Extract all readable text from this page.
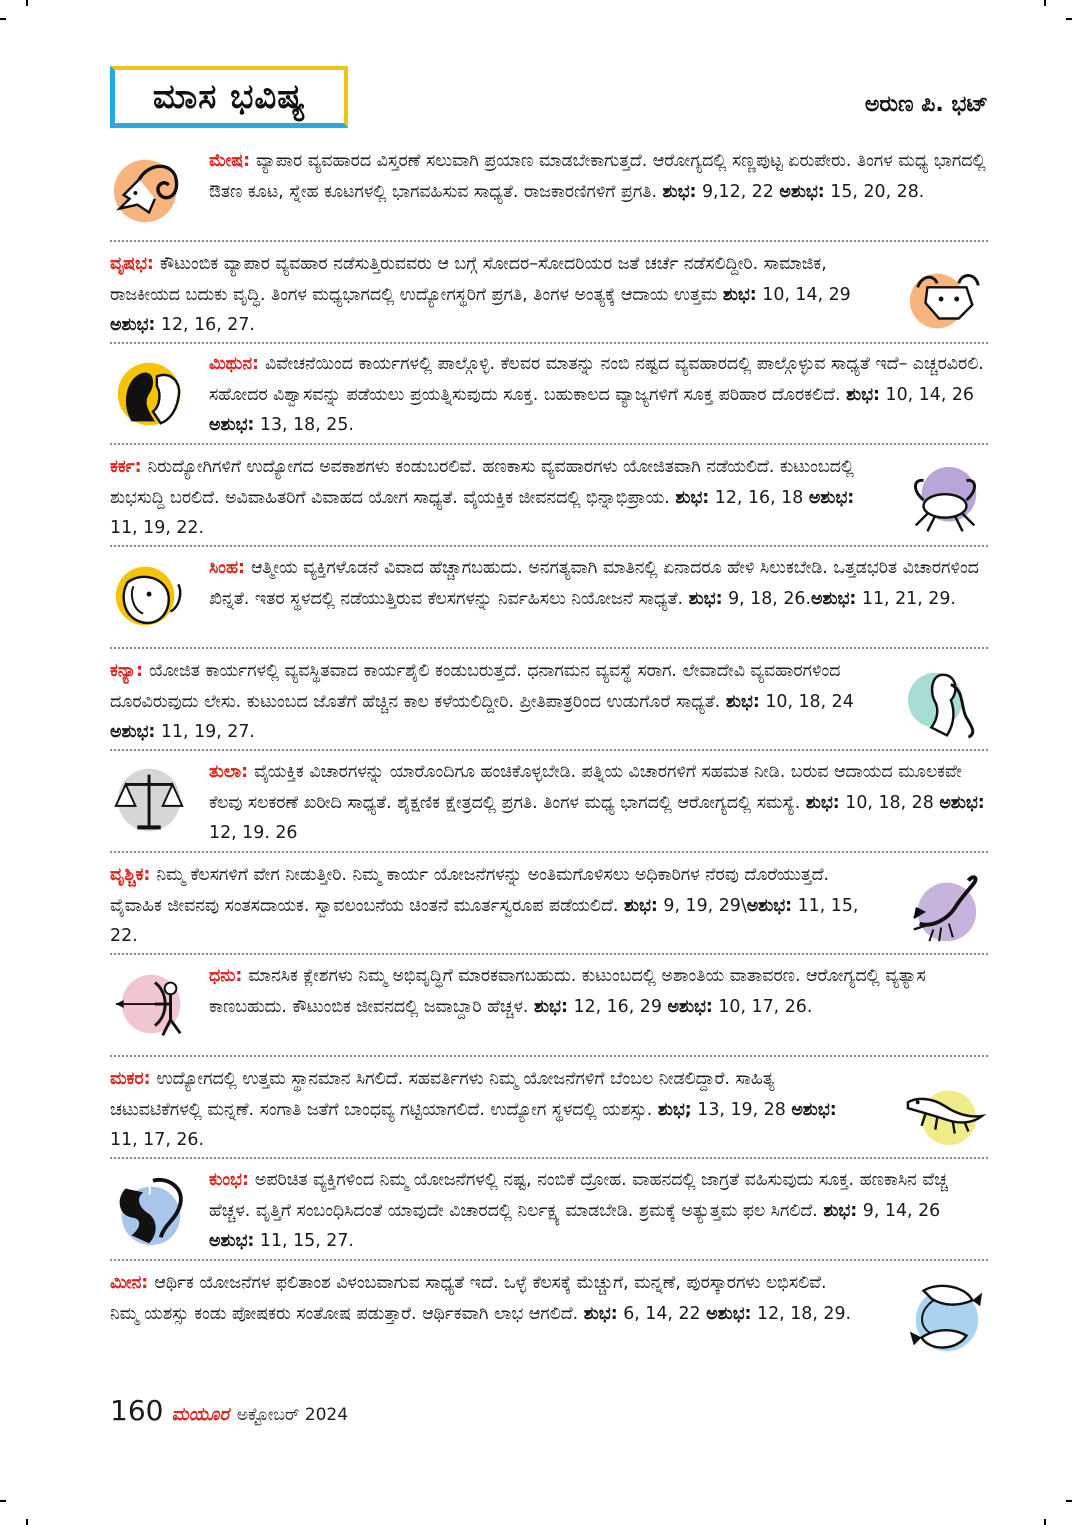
ಮಾಸ ಭವಿಷ್ಯ	ಅರುಣ ಪಿ. ಭಟ್
ಮೇಷ: ವ್ಯಾಪಾರ ವ್ಯವಹಾರದ ವಿಸ್ತರಣೆ ಸಲುವಾಗಿ ಪ್ರಯಾಣ ಮಾಡಬೇಕಾಗುತ್ತದೆ. ಆರೋಗ್ಯದಲ್ಲಿ ಸಣ್ಣಪುಟ್ಟ ಏರುಪೇರು. ತಿಂಗಳ ಮಧ್ಯ ಭಾಗದಲ್ಲಿ ಔತಣ ಕೂಟ, ಸ್ನೇಹ ಕೂಟಗಳಲ್ಲಿ ಭಾಗವಹಿಸುವ ಸಾಧ್ಯತೆ. ರಾಜಕಾರಣಿಗಳಿಗೆ ಪ್ರಗತಿ. ಶುಭ: 9,12, 22 ಅಶುಭ: 15, 20, 28.
ವೃಷಭ: ಕೌಟುಂಬಿಕ ವ್ಯಾಪಾರ ವ್ಯವಹಾರ ನಡೆಸುತ್ತಿರುವವರು ಆ ಬಗ್ಗೆ ಸೋದರ–ಸೋದರಿಯರ ಜತೆ ಚರ್ಚೆ ನಡೆಸಲಿದ್ದೀರಿ. ಸಾಮಾಜಿಕ, ರಾಜಕೀಯದ ಬದುಕು ವೃದ್ಧಿ. ತಿಂಗಳ ಮಧ್ಯಭಾಗದಲ್ಲಿ ಉದ್ಯೋಗಸ್ಥರಿಗೆ ಪ್ರಗತಿ, ತಿಂಗಳ ಅಂತ್ಯಕ್ಕೆ ಆದಾಯ ಉತ್ತಮ ಶುಭ: 10, 14, 29 ಅಶುಭ: 12, 16, 27.
ಮಿಥುನ: ವಿವೇಚನೆಯಿಂದ ಕಾರ್ಯಗಳಲ್ಲಿ ಪಾಲ್ಗೊಳ್ಳಿ. ಕೆಲವರ ಮಾತನ್ನು ನಂಬಿ ನಷ್ಟದ ವ್ಯವಹಾರದಲ್ಲಿ ಪಾಲ್ಗೊಳ್ಳುವ ಸಾಧ್ಯತೆ ಇದೆ– ಎಚ್ಚರವಿರಲಿ. ಸಹೋದರ ವಿಶ್ವಾಸವನ್ನು ಪಡೆಯಲು ಪ್ರಯತ್ನಿಸುವುದು ಸೂಕ್ತ. ಬಹುಕಾಲದ ವ್ಯಾಜ್ಯಗಳಿಗೆ ಸೂಕ್ತ ಪರಿಹಾರ ದೊರಕಲಿದೆ. ಶುಭ: 10, 14, 26 ಅಶುಭ: 13, 18, 25.
ಕರ್ಕ: ನಿರುದ್ಯೋಗಿಗಳಿಗೆ ಉದ್ಯೋಗದ ಅವಕಾಶಗಳು ಕಂಡುಬರಲಿವೆ. ಹಣಕಾಸು ವ್ಯವಹಾರಗಳು ಯೋಜಿತವಾಗಿ ನಡೆಯಲಿದೆ. ಕುಟುಂಬದಲ್ಲಿ ಶುಭಸುದ್ದಿ ಬರಲಿದೆ. ಅವಿವಾಹಿತರಿಗೆ ವಿವಾಹದ ಯೋಗ ಸಾಧ್ಯತೆ. ವೈಯಕ್ತಿಕ ಜೀವನದಲ್ಲಿ ಭಿನ್ನಾಭಿಪ್ರಾಯ. ಶುಭ: 12, 16, 18 ಅಶುಭ: 11, 19, 22.
ಸಿಂಹ: ಆತ್ಮೀಯ ವ್ಯಕ್ತಿಗಳೊಡನೆ ವಿವಾದ ಹೆಚ್ಚಾಗಬಹುದು. ಅನಗತ್ಯವಾಗಿ ಮಾತಿನಲ್ಲಿ ಏನಾದರೂ ಹೇಳಿ ಸಿಲುಕಬೇಡಿ. ಒತ್ತಡಭರಿತ ವಿಚಾರಗಳಿಂದ ಖಿನ್ನತೆ. ಇತರ ಸ್ಥಳದಲ್ಲಿ ನಡೆಯುತ್ತಿರುವ ಕೆಲಸಗಳನ್ನು ನಿರ್ವಹಿಸಲು ನಿಯೋಜನೆ ಸಾಧ್ಯತೆ. ಶುಭ: 9, 18, 26.ಅಶುಭ: 11, 21, 29.
ಕನ್ಯಾ: ಯೋಜಿತ ಕಾರ್ಯಗಳಲ್ಲಿ ವ್ಯವಸ್ಥಿತವಾದ ಕಾರ್ಯಶೈಲಿ ಕಂಡುಬರುತ್ತದೆ. ಧನಾಗಮನ ವ್ಯವಸ್ಥೆ ಸರಾಗ. ಲೇವಾದೇವಿ ವ್ಯವಹಾರಗಳಿಂದ ದೂರವಿರುವುದು ಲೇಸು. ಕುಟುಂಬದ ಜೊತೆಗೆ ಹೆಚ್ಚಿನ ಕಾಲ ಕಳೆಯಲಿದ್ದೀರಿ. ಪ್ರೀತಿಪಾತ್ರರಿಂದ ಉಡುಗೊರೆ ಸಾಧ್ಯತೆ. ಶುಭ: 10, 18, 24 ಅಶುಭ: 11, 19, 27.
ತುಲಾ: ವೈಯಕ್ತಿಕ ವಿಚಾರಗಳನ್ನು ಯಾರೊಂದಿಗೂ ಹಂಚಿಕೊಳ್ಳಬೇಡಿ. ಪತ್ನಿಯ ವಿಚಾರಗಳಿಗೆ ಸಹಮತ ನೀಡಿ. ಬರುವ ಆದಾಯದ ಮೂಲಕವೇ ಕೆಲವು ಸಲಕರಣೆ ಖರೀದಿ ಸಾಧ್ಯತೆ. ಶೈಕ್ಷಣಿಕ ಕ್ಷೇತ್ರದಲ್ಲಿ ಪ್ರಗತಿ. ತಿಂಗಳ ಮಧ್ಯ ಭಾಗದಲ್ಲಿ ಆರೋಗ್ಯದಲ್ಲಿ ಸಮಸ್ಯೆ. ಶುಭ: 10, 18, 28 ಅಶುಭ: 12, 19. 26
ವೃಶ್ಚಿಕ: ನಿಮ್ಮ ಕೆಲಸಗಳಿಗೆ ವೇಗ ನೀಡುತ್ತೀರಿ. ನಿಮ್ಮ ಕಾರ್ಯ ಯೋಜನೆಗಳನ್ನು ಅಂತಿಮಗೊಳಿಸಲು ಅಧಿಕಾರಿಗಳ ನೆರವು ದೊರೆಯುತ್ತದೆ. ವೈವಾಹಿಕ ಜೀವನವು ಸಂತಸದಾಯಕ. ಸ್ವಾವಲಂಬನೆಯ ಚಿಂತನೆ ಮೂರ್ತಸ್ವರೂಪ ಪಡೆಯಲಿದೆ. ಶುಭ: 9, 19, 29\ಅಶುಭ: 11, 15, 22.
ಧನು: ಮಾನಸಿಕ ಕ್ಲೇಶಗಳು ನಿಮ್ಮ ಅಭಿವೃದ್ಧಿಗೆ ಮಾರಕವಾಗಬಹುದು. ಕುಟುಂಬದಲ್ಲಿ ಅಶಾಂತಿಯ ವಾತಾವರಣ. ಆರೋಗ್ಯದಲ್ಲಿ ವ್ಯತ್ಯಾಸ ಕಾಣಬಹುದು. ಕೌಟುಂಬಿಕ ಜೀವನದಲ್ಲಿ ಜವಾಬ್ದಾರಿ ಹೆಚ್ಚಳ. ಶುಭ: 12, 16, 29 ಅಶುಭ: 10, 17, 26.
ಮಕರ: ಉದ್ಯೋಗದಲ್ಲಿ ಉತ್ತಮ ಸ್ಥಾನಮಾನ ಸಿಗಲಿದೆ. ಸಹವರ್ತಿಗಳು ನಿಮ್ಮ ಯೋಜನೆಗಳಿಗೆ ಬೆಂಬಲ ನೀಡಲಿದ್ದಾರೆ. ಸಾಹಿತ್ಯ ಚಟುವಟಿಕೆಗಳಲ್ಲಿ ಮನ್ನಣೆ. ಸಂಗಾತಿ ಜತೆಗೆ ಬಾಂಧವ್ಯ ಗಟ್ಟಿಯಾಗಲಿದೆ. ಉದ್ಯೋಗ ಸ್ಥಳದಲ್ಲಿ ಯಶಸ್ಸು. ಶುಭ; 13, 19, 28 ಅಶುಭ: 11, 17, 26.
ಕುಂಭ: ಅಪರಿಚಿತ ವ್ಯಕ್ತಿಗಳಿಂದ ನಿಮ್ಮ ಯೋಜನೆಗಳಲ್ಲಿ ನಷ್ಟ, ನಂಬಿಕೆ ದ್ರೋಹ. ವಾಹನದಲ್ಲಿ ಜಾಗ್ರತೆ ವಹಿಸುವುದು ಸೂಕ್ತ. ಹಣಕಾಸಿನ ವೆಚ್ಚ ಹೆಚ್ಚಳ. ವೃತ್ತಿಗೆ ಸಂಬಂಧಿಸಿದಂತೆ ಯಾವುದೇ ವಿಚಾರದಲ್ಲಿ ನಿರ್ಲಕ್ಷ್ಯ ಮಾಡಬೇಡಿ. ಶ್ರಮಕ್ಕೆ ಅತ್ಯುತ್ತಮ ಫಲ ಸಿಗಲಿದೆ. ಶುಭ: 9, 14, 26 ಅಶುಭ: 11, 15, 27.
ಮೀನ: ಆರ್ಥಿಕ ಯೋಜನೆಗಳ ಫಲಿತಾಂಶ ವಿಳಂಬವಾಗುವ ಸಾಧ್ಯತೆ ಇದೆ. ಒಳ್ಳೆ ಕೆಲಸಕ್ಕೆ ಮೆಚ್ಚುಗೆ, ಮನ್ನಣೆ, ಪುರಸ್ಕಾರಗಳು ಲಭಿಸಲಿವೆ. ನಿಮ್ಮ ಯಶಸ್ಸು ಕಂಡು ಪೋಷಕರು ಸಂತೋಷ ಪಡುತ್ತಾರೆ. ಆರ್ಥಿಕವಾಗಿ ಲಾಭ ಆಗಲಿದೆ. ಶುಭ: 6, 14, 22 ಅಶುಭ: 12, 18, 29.
160 ಮಯೂರ ಅಕ್ಟೋಬರ್ 2024
